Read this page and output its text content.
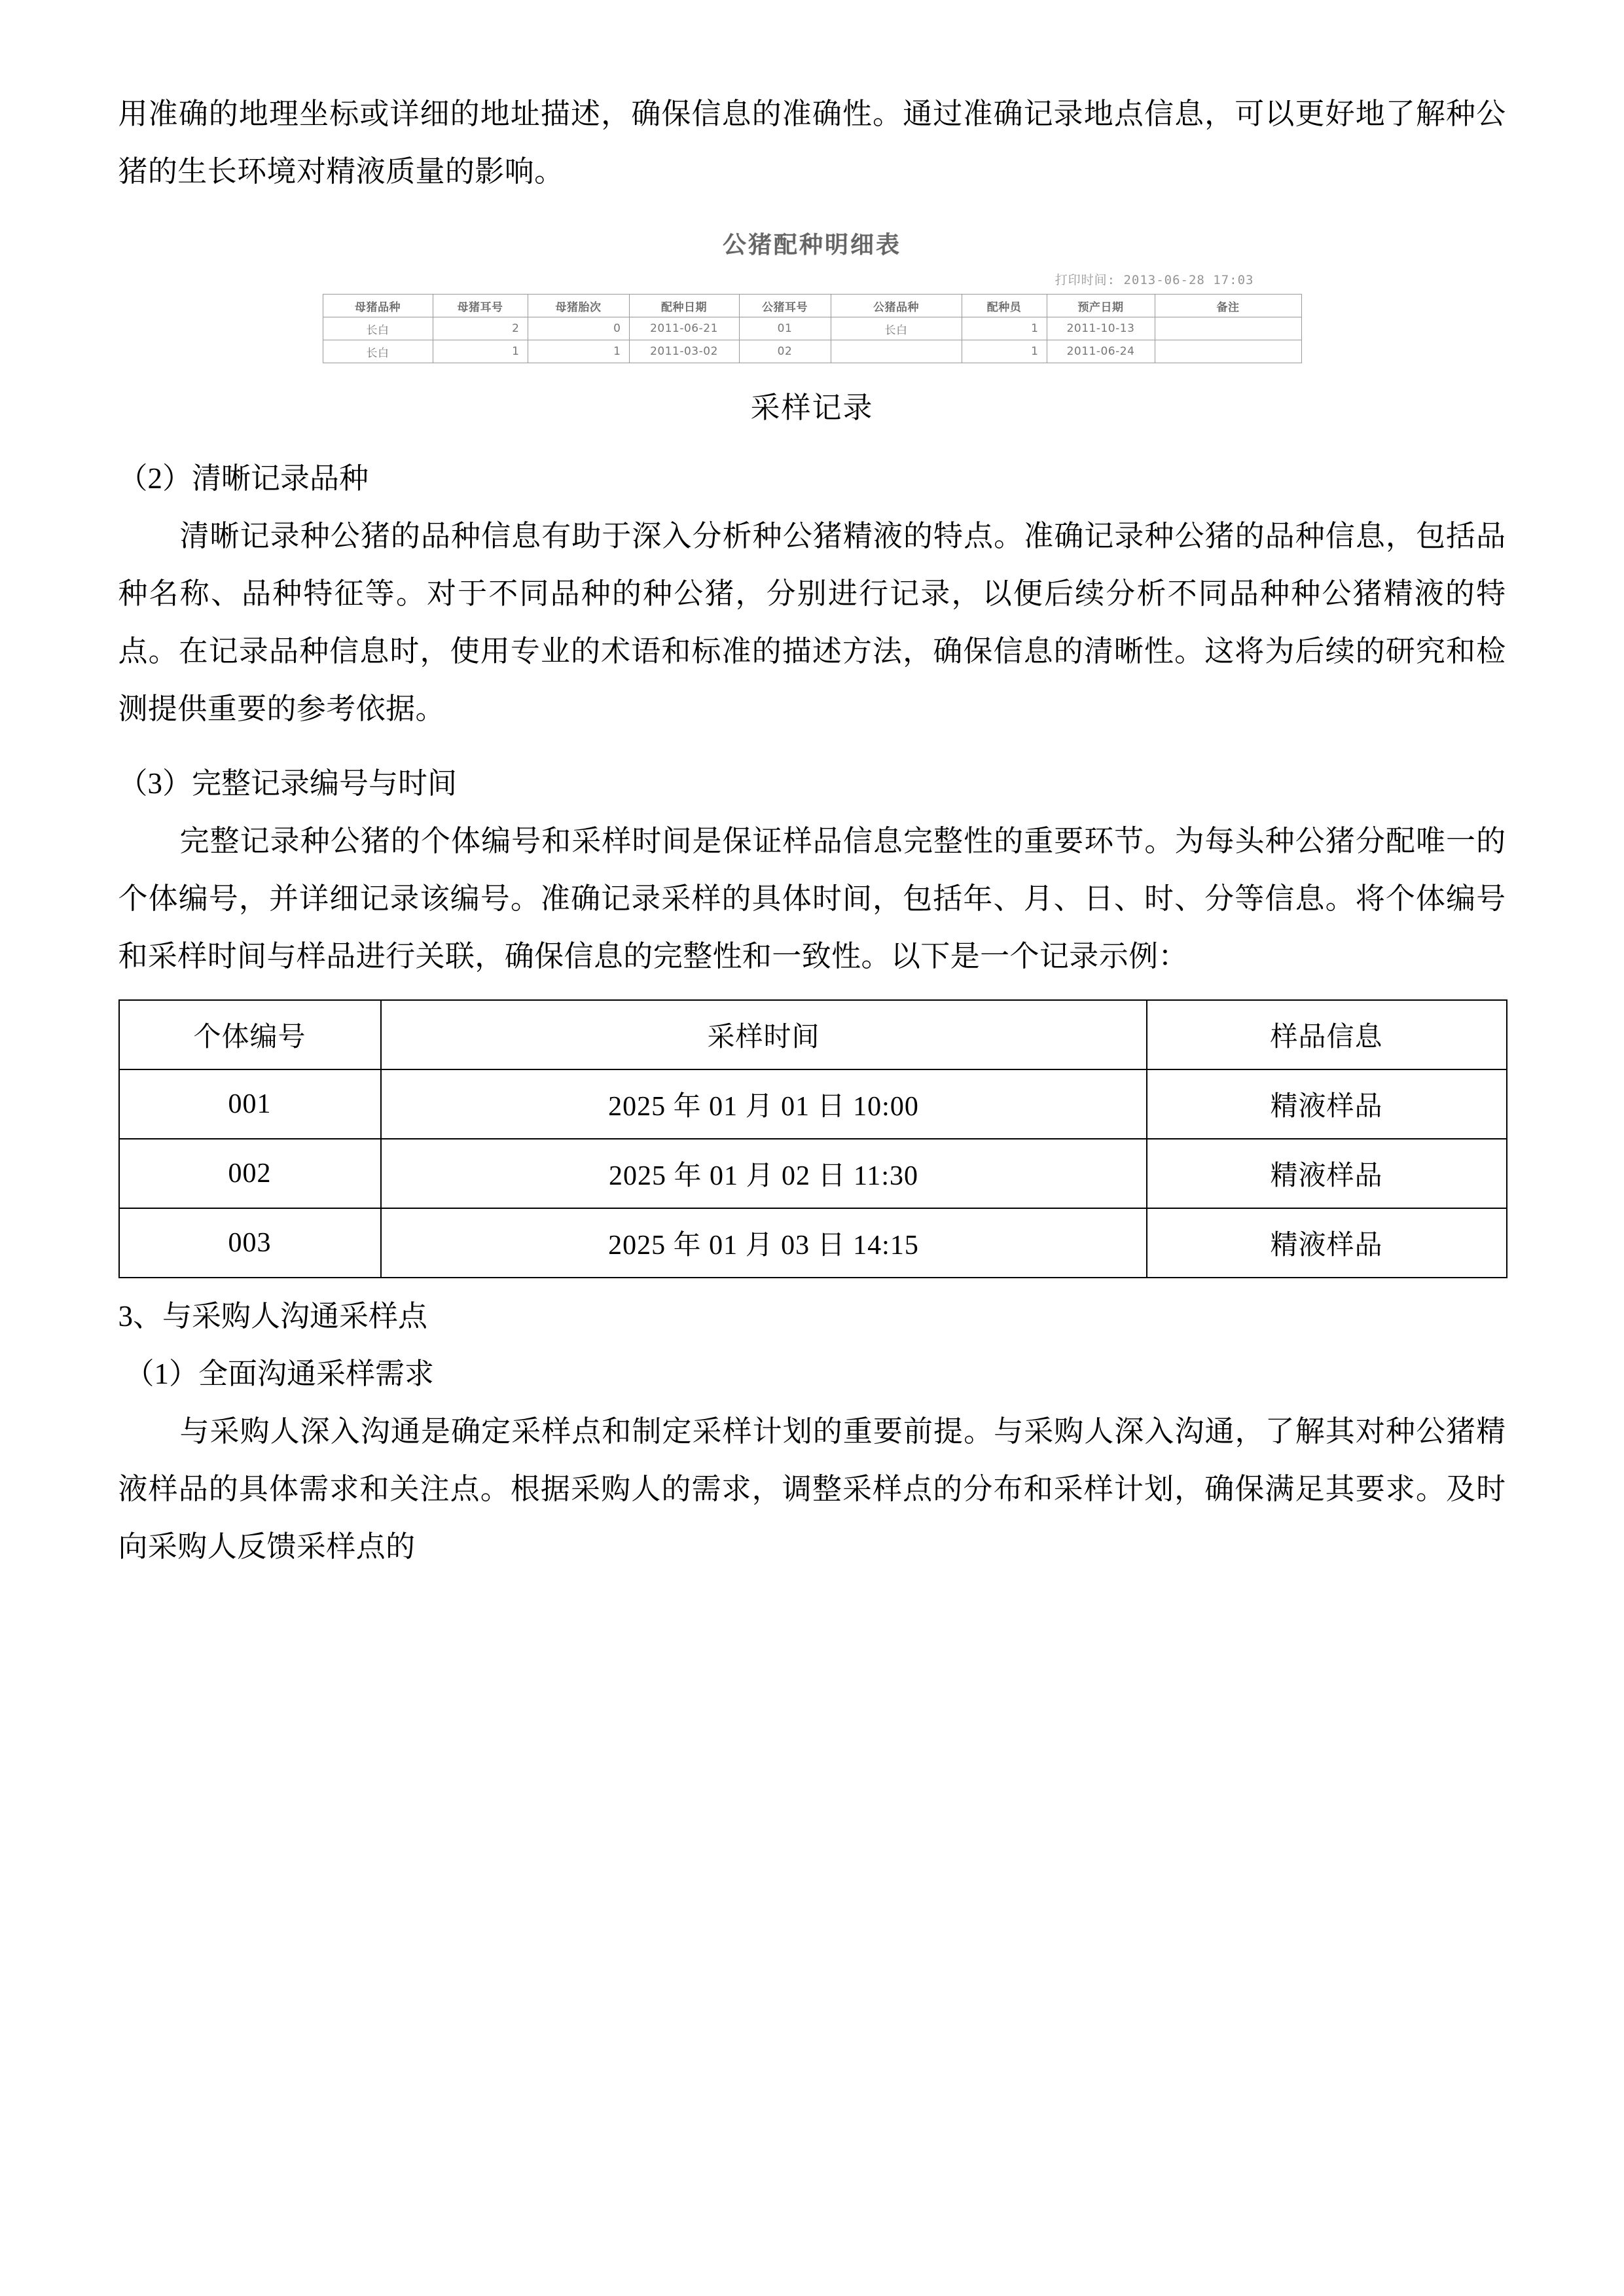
用准确的地理坐标或详细的地址描述，确保信息的准确性。通过准确记录地点信息，可以更好地了解种公猪的生长环境对精液质量的影响。

公猪配种明细表
打印时间: 2013-06-28 17:03
母猪品种	母猪耳号	母猪胎次	配种日期	公猪耳号	公猪品种	配种员	预产日期	备注
长白	2	0	2011-06-21	01	长白	1	2011-10-13	
长白	1	1	2011-03-02	02		1	2011-06-24	
采样记录

（2）清晰记录品种

清晰记录种公猪的品种信息有助于深入分析种公猪精液的特点。准确记录种公猪的品种信息，包括品种名称、品种特征等。对于不同品种的种公猪，分别进行记录，以便后续分析不同品种种公猪精液的特点。在记录品种信息时，使用专业的术语和标准的描述方法，确保信息的清晰性。这将为后续的研究和检测提供重要的参考依据。

（3）完整记录编号与时间

完整记录种公猪的个体编号和采样时间是保证样品信息完整性的重要环节。为每头种公猪分配唯一的个体编号，并详细记录该编号。准确记录采样的具体时间，包括年、月、日、时、分等信息。将个体编号和采样时间与样品进行关联，确保信息的完整性和一致性。以下是一个记录示例：

个体编号	采样时间	样品信息
001	2025 年 01 月 01 日 10:00	精液样品
002	2025 年 01 月 02 日 11:30	精液样品
003	2025 年 01 月 03 日 14:15	精液样品

3、与采购人沟通采样点

（1）全面沟通采样需求

与采购人深入沟通是确定采样点和制定采样计划的重要前提。与采购人深入沟通，了解其对种公猪精液样品的具体需求和关注点。根据采购人的需求，调整采样点的分布和采样计划，确保满足其要求。及时向采购人反馈采样点的
